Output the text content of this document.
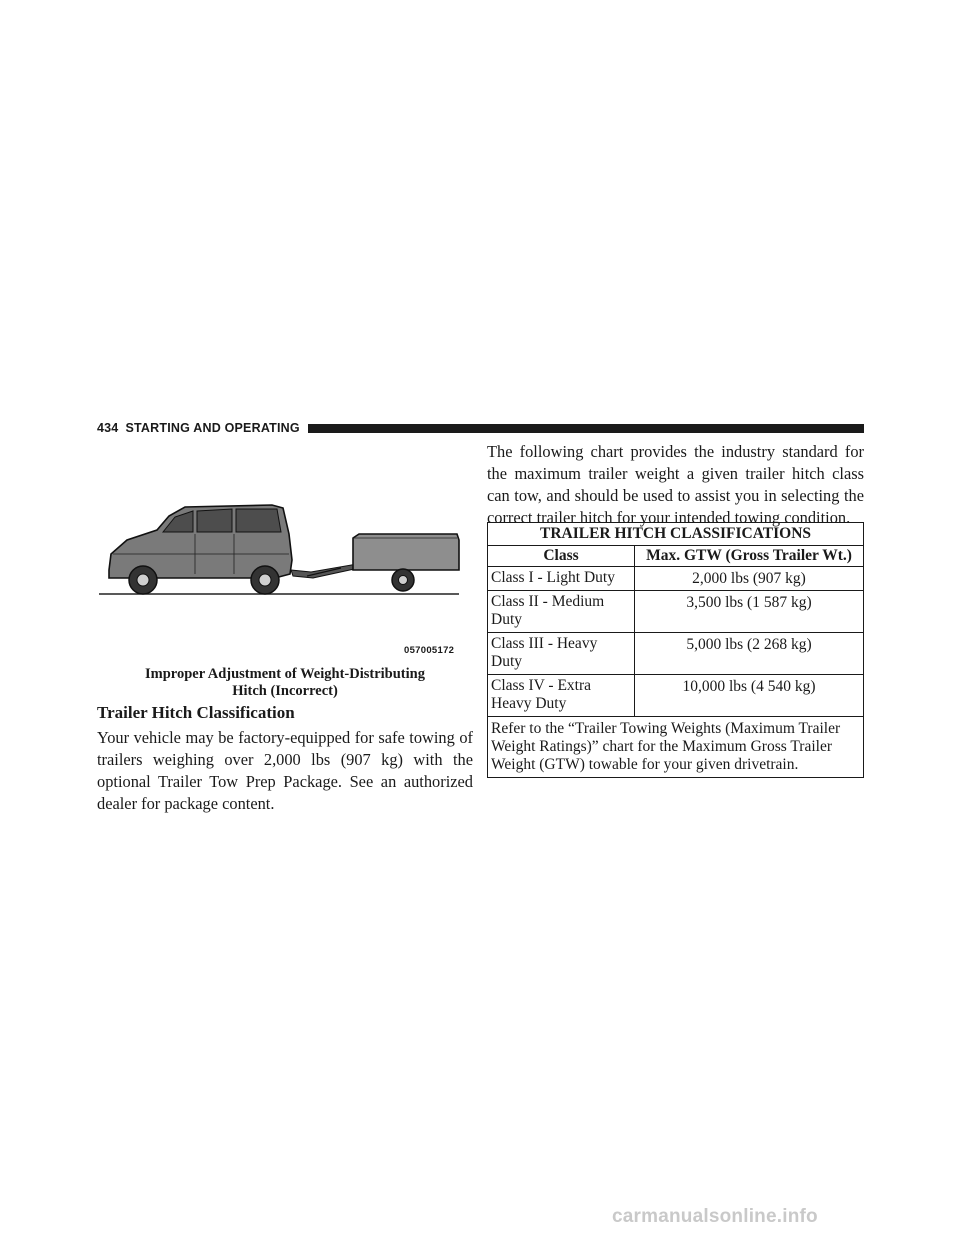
434 STARTING AND OPERATING
057005172
Improper Adjustment of Weight-Distributing
Hitch (Incorrect)
Trailer Hitch Classification
Your vehicle may be factory-equipped for safe towing of trailers weighing over 2,000 lbs (907 kg) with the optional Trailer Tow Prep Package. See an authorized dealer for package content.
The following chart provides the industry standard for the maximum trailer weight a given trailer hitch class can tow, and should be used to assist you in selecting the correct trailer hitch for your intended towing condition.
TRAILER HITCH CLASSIFICATIONS	
Class	Max. GTW (Gross Trailer Wt.)
Class I - Light Duty	2,000 lbs (907 kg)
Class II - Medium Duty	3,500 lbs (1 587 kg)
Class III - Heavy Duty	5,000 lbs (2 268 kg)
Class IV - Extra Heavy Duty	10,000 lbs (4 540 kg)
Refer to the “Trailer Towing Weights (Maximum Trailer Weight Ratings)” chart for the Maximum Gross Trailer Weight (GTW) towable for your given drivetrain.	
carmanualsonline.info
